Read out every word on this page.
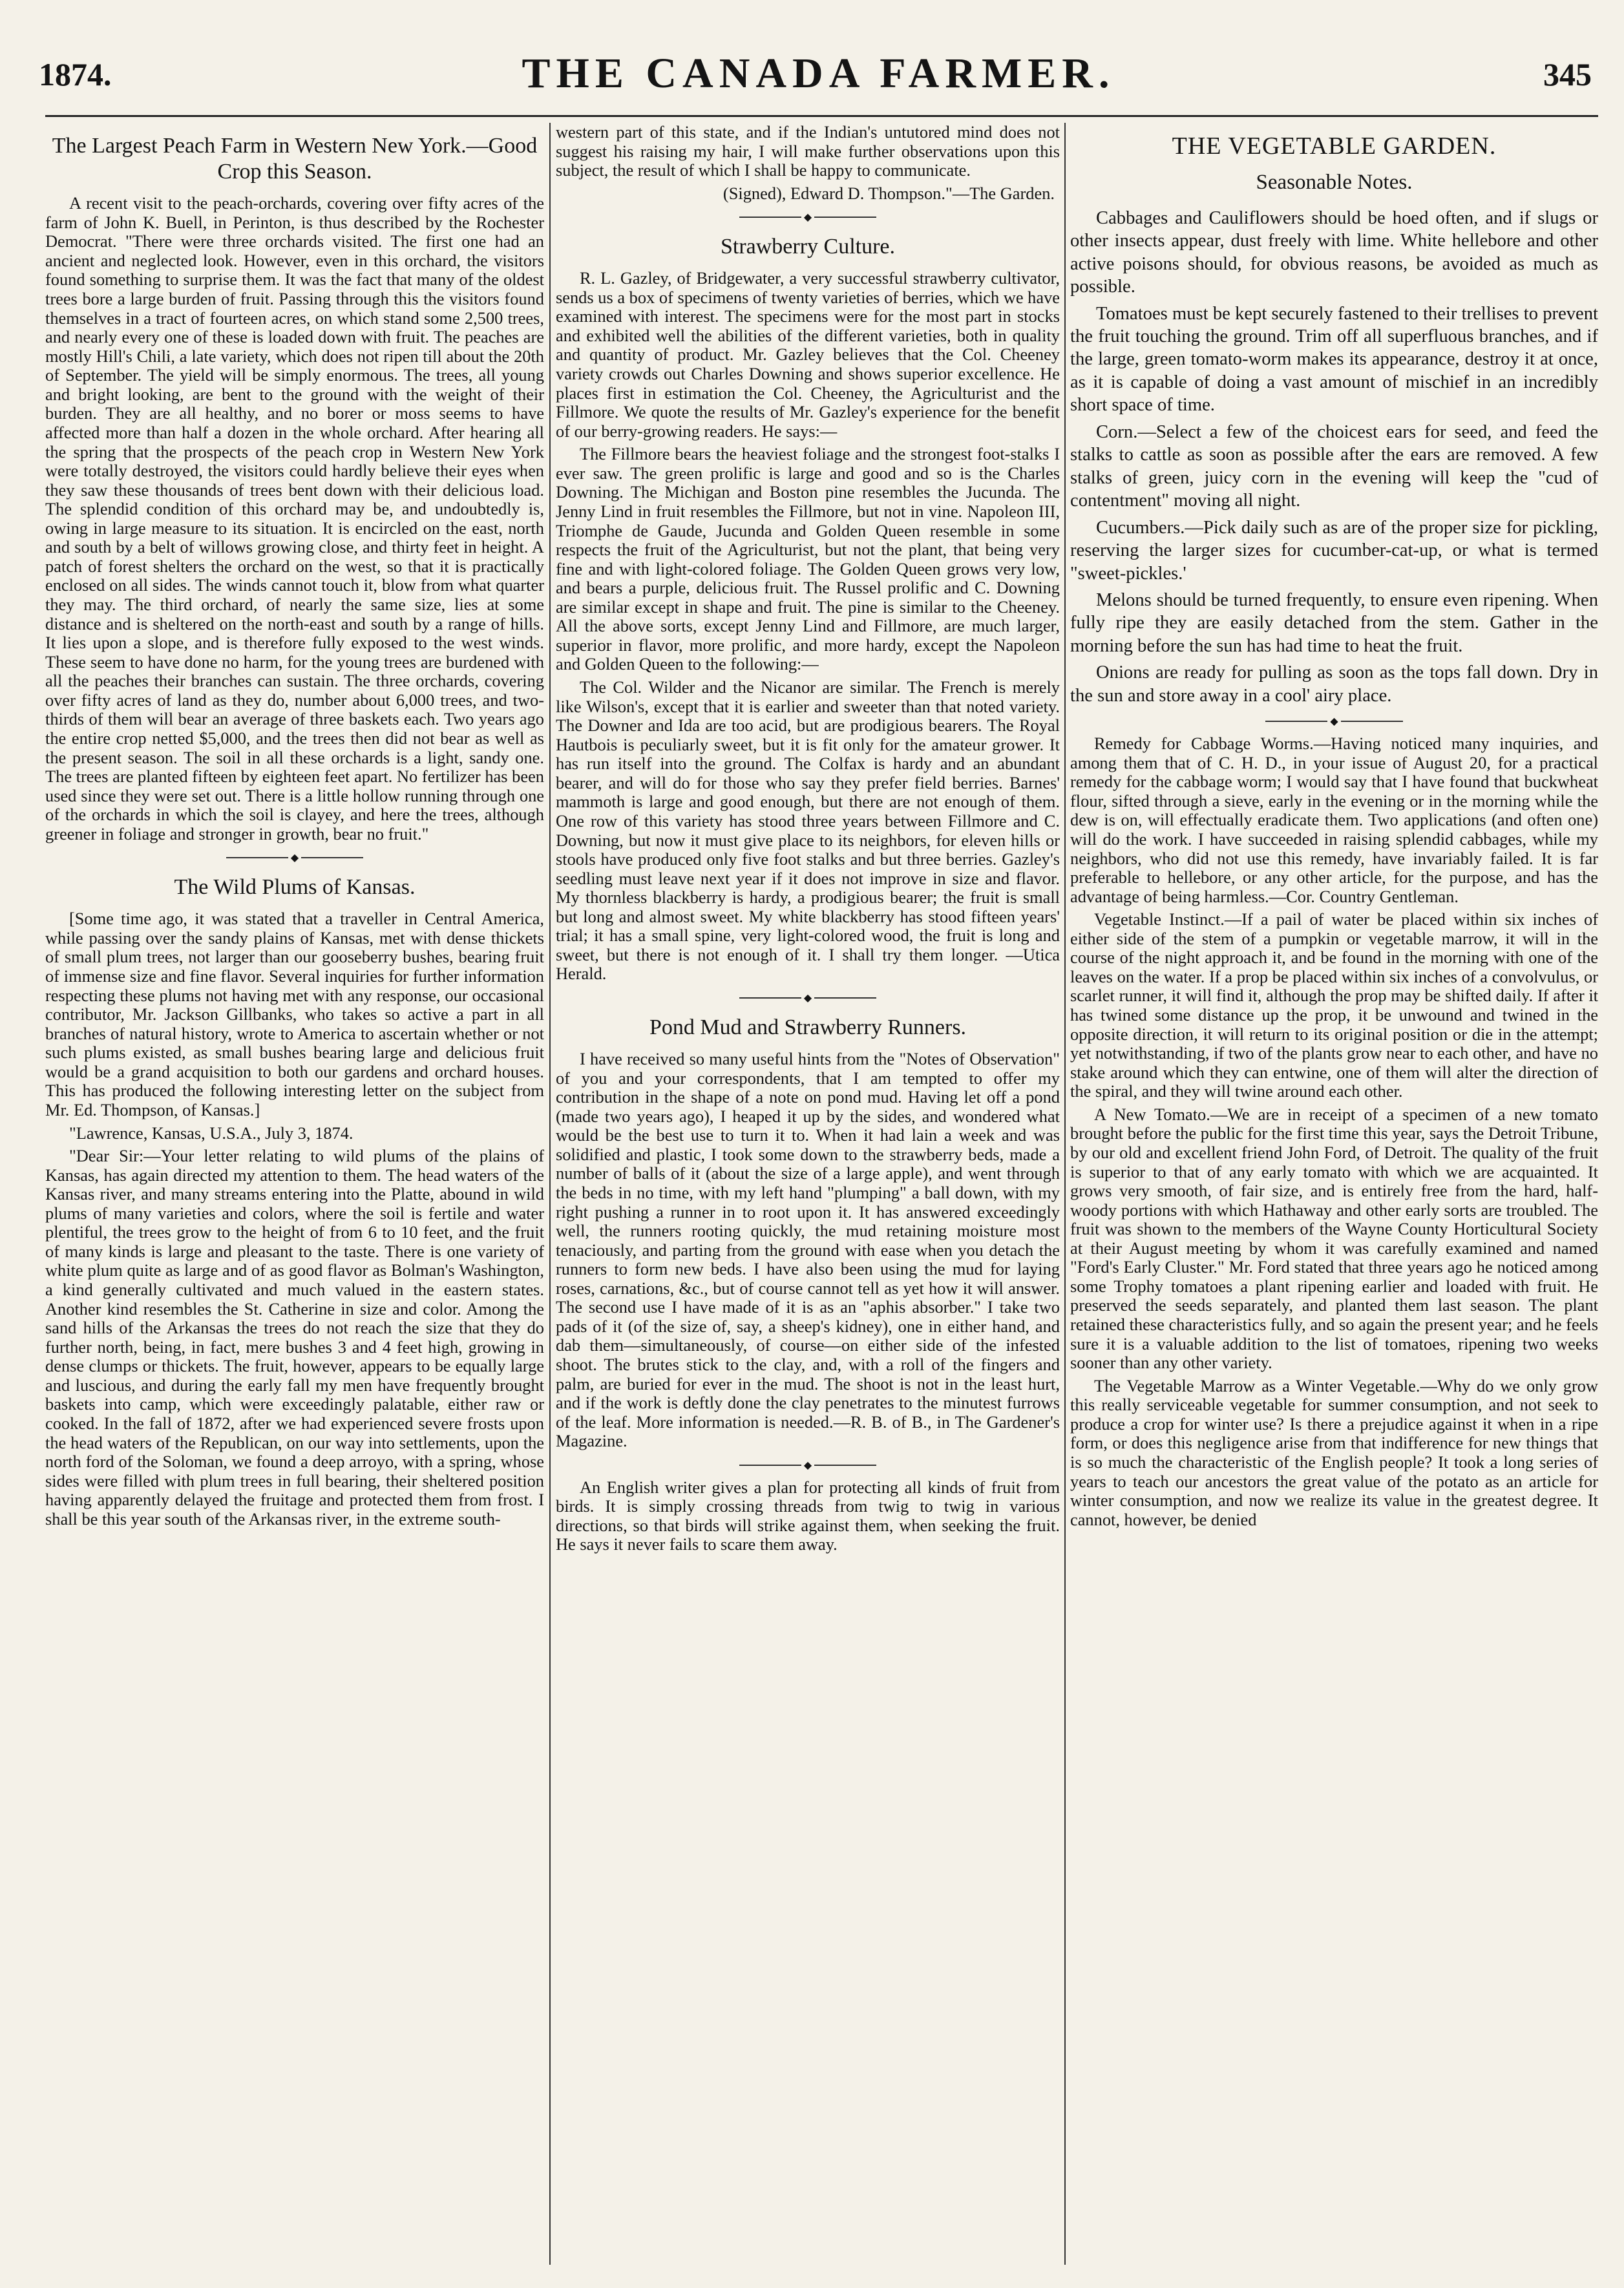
1874.	THE CANADA FARMER.	345
The Largest Peach Farm in Western New York.—Good Crop this Season.

A recent visit to the peach-orchards, covering over fifty acres of the farm of John K. Buell, in Perinton, is thus described by the Rochester Democrat. "There were three orchards visited. The first one had an ancient and neglected look. However, even in this orchard, the visitors found something to surprise them. It was the fact that many of the oldest trees bore a large burden of fruit. Passing through this the visitors found themselves in a tract of fourteen acres, on which stand some 2,500 trees, and nearly every one of these is loaded down with fruit. The peaches are mostly Hill's Chili, a late variety, which does not ripen till about the 20th of September. The yield will be simply enormous. The trees, all young and bright looking, are bent to the ground with the weight of their burden. They are all healthy, and no borer or moss seems to have affected more than half a dozen in the whole orchard. After hearing all the spring that the prospects of the peach crop in Western New York were totally destroyed, the visitors could hardly believe their eyes when they saw these thousands of trees bent down with their delicious load. The splendid condition of this orchard may be, and undoubtedly is, owing in large measure to its situation. It is encircled on the east, north and south by a belt of willows growing close, and thirty feet in height. A patch of forest shelters the orchard on the west, so that it is practically enclosed on all sides. The winds cannot touch it, blow from what quarter they may. The third orchard, of nearly the same size, lies at some distance and is sheltered on the north-east and south by a range of hills. It lies upon a slope, and is therefore fully exposed to the west winds. These seem to have done no harm, for the young trees are burdened with all the peaches their branches can sustain. The three orchards, covering over fifty acres of land as they do, number about 6,000 trees, and two-thirds of them will bear an average of three baskets each. Two years ago the entire crop netted $5,000, and the trees then did not bear as well as the present season. The soil in all these orchards is a light, sandy one. The trees are planted fifteen by eighteen feet apart. No fertilizer has been used since they were set out. There is a little hollow running through one of the orchards in which the soil is clayey, and here the trees, although greener in foliage and stronger in growth, bear no fruit."

◆
The Wild Plums of Kansas.

[Some time ago, it was stated that a traveller in Central America, while passing over the sandy plains of Kansas, met with dense thickets of small plum trees, not larger than our gooseberry bushes, bearing fruit of immense size and fine flavor. Several inquiries for further information respecting these plums not having met with any response, our occasional contributor, Mr. Jackson Gillbanks, who takes so active a part in all branches of natural history, wrote to America to ascertain whether or not such plums existed, as small bushes bearing large and delicious fruit would be a grand acquisition to both our gardens and orchard houses. This has produced the following interesting letter on the subject from Mr. Ed. Thompson, of Kansas.]

"Lawrence, Kansas, U.S.A., July 3, 1874.

"Dear Sir:—Your letter relating to wild plums of the plains of Kansas, has again directed my attention to them. The head waters of the Kansas river, and many streams entering into the Platte, abound in wild plums of many varieties and colors, where the soil is fertile and water plentiful, the trees grow to the height of from 6 to 10 feet, and the fruit of many kinds is large and pleasant to the taste. There is one variety of white plum quite as large and of as good flavor as Bolman's Washington, a kind generally cultivated and much valued in the eastern states. Another kind resembles the St. Catherine in size and color. Among the sand hills of the Arkansas the trees do not reach the size that they do further north, being, in fact, mere bushes 3 and 4 feet high, growing in dense clumps or thickets. The fruit, however, appears to be equally large and luscious, and during the early fall my men have frequently brought baskets into camp, which were exceedingly palatable, either raw or cooked. In the fall of 1872, after we had experienced severe frosts upon the head waters of the Republican, on our way into settlements, upon the north ford of the Soloman, we found a deep arroyo, with a spring, whose sides were filled with plum trees in full bearing, their sheltered position having apparently delayed the fruitage and protected them from frost. I shall be this year south of the Arkansas river, in the extreme south-

western part of this state, and if the Indian's untutored mind does not suggest his raising my hair, I will make further observations upon this subject, the result of which I shall be happy to communicate.

(Signed), Edward D. Thompson."—The Garden.

◆
Strawberry Culture.

R. L. Gazley, of Bridgewater, a very successful strawberry cultivator, sends us a box of specimens of twenty varieties of berries, which we have examined with interest. The specimens were for the most part in stocks and exhibited well the abilities of the different varieties, both in quality and quantity of product. Mr. Gazley believes that the Col. Cheeney variety crowds out Charles Downing and shows superior excellence. He places first in estimation the Col. Cheeney, the Agriculturist and the Fillmore. We quote the results of Mr. Gazley's experience for the benefit of our berry-growing readers. He says:—

The Fillmore bears the heaviest foliage and the strongest foot-stalks I ever saw. The green prolific is large and good and so is the Charles Downing. The Michigan and Boston pine resembles the Jucunda. The Jenny Lind in fruit resembles the Fillmore, but not in vine. Napoleon III, Triomphe de Gaude, Jucunda and Golden Queen resemble in some respects the fruit of the Agriculturist, but not the plant, that being very fine and with light-colored foliage. The Golden Queen grows very low, and bears a purple, delicious fruit. The Russel prolific and C. Downing are similar except in shape and fruit. The pine is similar to the Cheeney. All the above sorts, except Jenny Lind and Fillmore, are much larger, superior in flavor, more prolific, and more hardy, except the Napoleon and Golden Queen to the following:—

The Col. Wilder and the Nicanor are similar. The French is merely like Wilson's, except that it is earlier and sweeter than that noted variety. The Downer and Ida are too acid, but are prodigious bearers. The Royal Hautbois is peculiarly sweet, but it is fit only for the amateur grower. It has run itself into the ground. The Colfax is hardy and an abundant bearer, and will do for those who say they prefer field berries. Barnes' mammoth is large and good enough, but there are not enough of them. One row of this variety has stood three years between Fillmore and C. Downing, but now it must give place to its neighbors, for eleven hills or stools have produced only five foot stalks and but three berries. Gazley's seedling must leave next year if it does not improve in size and flavor. My thornless blackberry is hardy, a prodigious bearer; the fruit is small but long and almost sweet. My white blackberry has stood fifteen years' trial; it has a small spine, very light-colored wood, the fruit is long and sweet, but there is not enough of it. I shall try them longer. —Utica Herald.

◆
Pond Mud and Strawberry Runners.

I have received so many useful hints from the "Notes of Observation" of you and your correspondents, that I am tempted to offer my contribution in the shape of a note on pond mud. Having let off a pond (made two years ago), I heaped it up by the sides, and wondered what would be the best use to turn it to. When it had lain a week and was solidified and plastic, I took some down to the strawberry beds, made a number of balls of it (about the size of a large apple), and went through the beds in no time, with my left hand "plumping" a ball down, with my right pushing a runner in to root upon it. It has answered exceedingly well, the runners rooting quickly, the mud retaining moisture most tenaciously, and parting from the ground with ease when you detach the runners to form new beds. I have also been using the mud for laying roses, carnations, &c., but of course cannot tell as yet how it will answer. The second use I have made of it is as an "aphis absorber." I take two pads of it (of the size of, say, a sheep's kidney), one in either hand, and dab them—simultaneously, of course—on either side of the infested shoot. The brutes stick to the clay, and, with a roll of the fingers and palm, are buried for ever in the mud. The shoot is not in the least hurt, and if the work is deftly done the clay penetrates to the minutest furrows of the leaf. More information is needed.—R. B. of B., in The Gardener's Magazine.

◆

An English writer gives a plan for protecting all kinds of fruit from birds. It is simply crossing threads from twig to twig in various directions, so that birds will strike against them, when seeking the fruit. He says it never fails to scare them away.

THE VEGETABLE GARDEN.
Seasonable Notes.

Cabbages and Cauliflowers should be hoed often, and if slugs or other insects appear, dust freely with lime. White hellebore and other active poisons should, for obvious reasons, be avoided as much as possible.

Tomatoes must be kept securely fastened to their trellises to prevent the fruit touching the ground. Trim off all superfluous branches, and if the large, green tomato-worm makes its appearance, destroy it at once, as it is capable of doing a vast amount of mischief in an incredibly short space of time.

Corn.—Select a few of the choicest ears for seed, and feed the stalks to cattle as soon as possible after the ears are removed. A few stalks of green, juicy corn in the evening will keep the "cud of contentment" moving all night.

Cucumbers.—Pick daily such as are of the proper size for pickling, reserving the larger sizes for cucumber-cat-up, or what is termed "sweet-pickles.'

Melons should be turned frequently, to ensure even ripening. When fully ripe they are easily detached from the stem. Gather in the morning before the sun has had time to heat the fruit.

Onions are ready for pulling as soon as the tops fall down. Dry in the sun and store away in a cool' airy place.

◆

Remedy for Cabbage Worms.—Having noticed many inquiries, and among them that of C. H. D., in your issue of August 20, for a practical remedy for the cabbage worm; I would say that I have found that buckwheat flour, sifted through a sieve, early in the evening or in the morning while the dew is on, will effectually eradicate them. Two applications (and often one) will do the work. I have succeeded in raising splendid cabbages, while my neighbors, who did not use this remedy, have invariably failed. It is far preferable to hellebore, or any other article, for the purpose, and has the advantage of being harmless.—Cor. Country Gentleman.

Vegetable Instinct.—If a pail of water be placed within six inches of either side of the stem of a pumpkin or vegetable marrow, it will in the course of the night approach it, and be found in the morning with one of the leaves on the water. If a prop be placed within six inches of a convolvulus, or scarlet runner, it will find it, although the prop may be shifted daily. If after it has twined some distance up the prop, it be unwound and twined in the opposite direction, it will return to its original position or die in the attempt; yet notwithstanding, if two of the plants grow near to each other, and have no stake around which they can entwine, one of them will alter the direction of the spiral, and they will twine around each other.

A New Tomato.—We are in receipt of a specimen of a new tomato brought before the public for the first time this year, says the Detroit Tribune, by our old and excellent friend John Ford, of Detroit. The quality of the fruit is superior to that of any early tomato with which we are acquainted. It grows very smooth, of fair size, and is entirely free from the hard, half-woody portions with which Hathaway and other early sorts are troubled. The fruit was shown to the members of the Wayne County Horticultural Society at their August meeting by whom it was carefully examined and named "Ford's Early Cluster." Mr. Ford stated that three years ago he noticed among some Trophy tomatoes a plant ripening earlier and loaded with fruit. He preserved the seeds separately, and planted them last season. The plant retained these characteristics fully, and so again the present year; and he feels sure it is a valuable addition to the list of tomatoes, ripening two weeks sooner than any other variety.

The Vegetable Marrow as a Winter Vegetable.—Why do we only grow this really serviceable vegetable for summer consumption, and not seek to produce a crop for winter use? Is there a prejudice against it when in a ripe form, or does this negligence arise from that indifference for new things that is so much the characteristic of the English people? It took a long series of years to teach our ancestors the great value of the potato as an article for winter consumption, and now we realize its value in the greatest degree. It cannot, however, be denied
